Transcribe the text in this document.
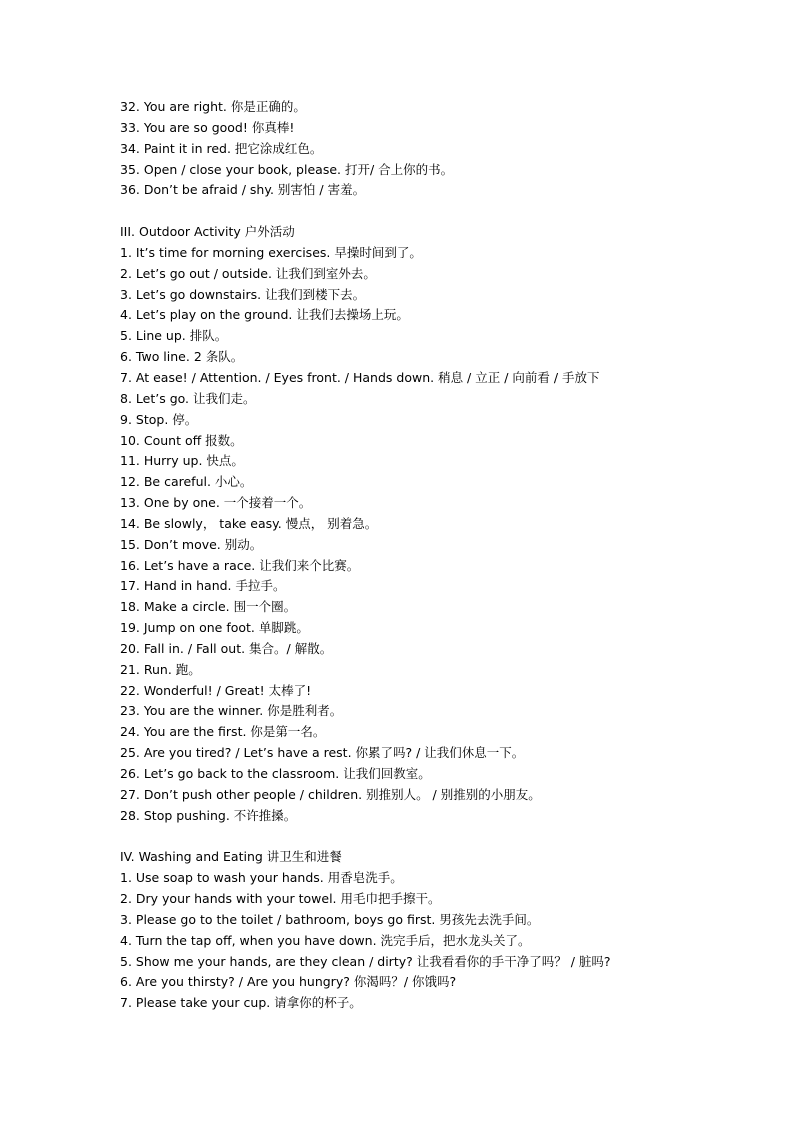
32. You are right. 你是正确的。
33. You are so good! 你真棒!
34. Paint it in red. 把它涂成红色。
35. Open / close your book, please. 打开/ 合上你的书。
36. Don’t be afraid / shy. 别害怕 / 害羞。
III. Outdoor Activity 户外活动
1. It’s time for morning exercises. 早操时间到了。
2. Let’s go out / outside. 让我们到室外去。
3. Let’s go downstairs. 让我们到楼下去。
4. Let’s play on the ground. 让我们去操场上玩。
5. Line up. 排队。
6. Two line. 2 条队。
7. At ease! / Attention. / Eyes front. / Hands down. 稍息 / 立正 / 向前看 / 手放下
8. Let’s go. 让我们走。
9. Stop. 停。
10. Count off 报数。
11. Hurry up. 快点。
12. Be careful. 小心。
13. One by one. 一个接着一个。
14. Be slowly， take easy. 慢点， 别着急。
15. Don’t move. 别动。
16. Let’s have a race. 让我们来个比赛。
17. Hand in hand. 手拉手。
18. Make a circle. 围一个圈。
19. Jump on one foot. 单脚跳。
20. Fall in. / Fall out. 集合。/ 解散。
21. Run. 跑。
22. Wonderful! / Great! 太棒了!
23. You are the winner. 你是胜利者。
24. You are the first. 你是第一名。
25. Are you tired? / Let’s have a rest. 你累了吗? / 让我们休息一下。
26. Let’s go back to the classroom. 让我们回教室。
27. Don’t push other people / children. 别推别人。 / 别推别的小朋友。
28. Stop pushing. 不许推搡。
IV. Washing and Eating 讲卫生和进餐
1. Use soap to wash your hands. 用香皂洗手。
2. Dry your hands with your towel. 用毛巾把手擦干。
3. Please go to the toilet / bathroom, boys go first. 男孩先去洗手间。
4. Turn the tap off, when you have down. 洗完手后，把水龙头关了。
5. Show me your hands, are they clean / dirty? 让我看看你的手干净了吗？ / 脏吗?
6. Are you thirsty? / Are you hungry? 你渴吗？/ 你饿吗?
7. Please take your cup. 请拿你的杯子。
